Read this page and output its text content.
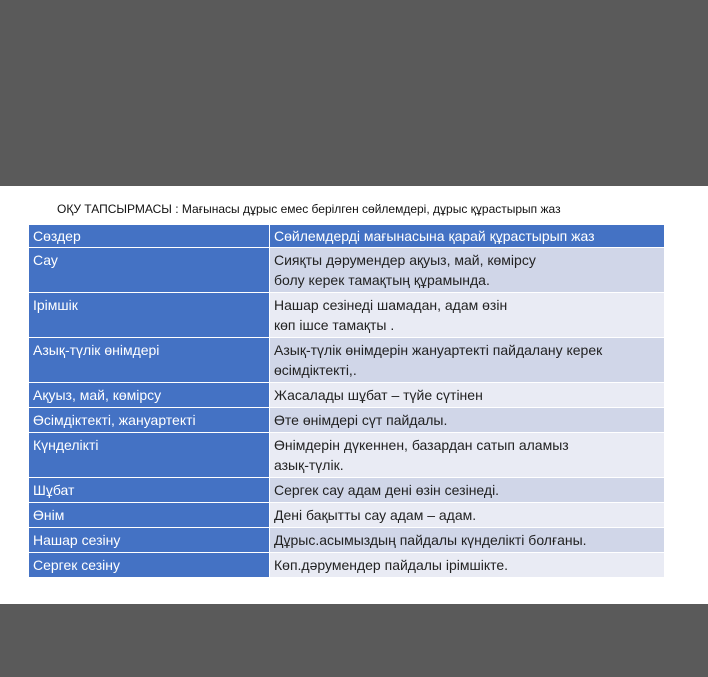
ОҚУ ТАПСЫРМАСЫ : Мағынасы дұрыс емес берілген сөйлемдері, дұрыс құрастырып жаз
Сөздер	Сөйлемдерді мағынасына қарай құрастырып жаз
Сау	Сияқты дәрумендер ақуыз, май, көмірсу
болу керек тамақтың құрамында.

Ірімшік	Нашар сезінеді шамадан, адам өзін
көп ішсе тамақты .

Азық-түлік өнімдері	Азық-түлік өнімдерін жануартекті пайдалану керек
өсімдіктекті,.

Ақуыз, май, көмірсу	Жасалады шұбат – түйе сүтінен

Өсімдіктекті, жануартекті	Өте өнімдері сүт пайдалы.

Күнделікті	Өнімдерін дүкеннен, базардан сатып аламыз
азық-түлік.

Шұбат	Сергек сау адам дені өзін сезінеді.

Өнім	Дені бақытты сау адам – адам.

Нашар сезіну	Дұрыс.асымыздың пайдалы күнделікті болғаны.

Сергек сезіну	Көп.дәрумендер пайдалы ірімшікте.
